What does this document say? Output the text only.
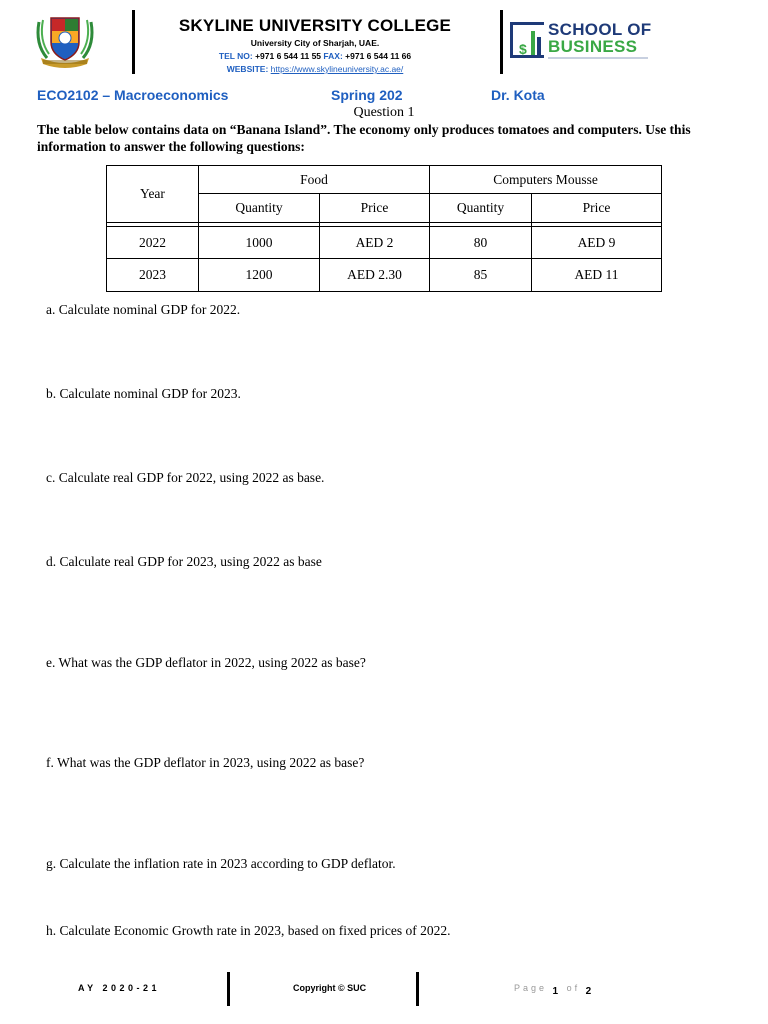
SKYLINE UNIVERSITY COLLEGE
University City of Sharjah, UAE.
TEL NO: +971 6 544 11 55 FAX: +971 6 544 11 66
WEBSITE: https://www.skylineuniversity.ac.ae/
$
SCHOOL OF
BUSINESS
ECO2102 – Macroeconomics	Spring 202	Dr. Kota
Question 1
The table below contains data on “Banana Island”. The economy only produces tomatoes and computers. Use this information to answer the following questions:
Year	Food		Computers Mousse	
	Quantity	Price	Quantity	Price

2022	1000	AED 2	80	AED 9
2023	1200	AED 2.30	85	AED 11
a. Calculate nominal GDP for 2022.
b. Calculate nominal GDP for 2023.
c. Calculate real GDP for 2022, using 2022 as base.
d. Calculate real GDP for 2023, using 2022 as base
e. What was the GDP deflator in 2022, using 2022 as base?
f. What was the GDP deflator in 2023, using 2022 as base?
g. Calculate the inflation rate in 2023 according to GDP deflator.
h. Calculate Economic Growth rate in 2023, based on fixed prices of 2022.
AY 2020-21	Copyright © SUC	Page 1 of 2
